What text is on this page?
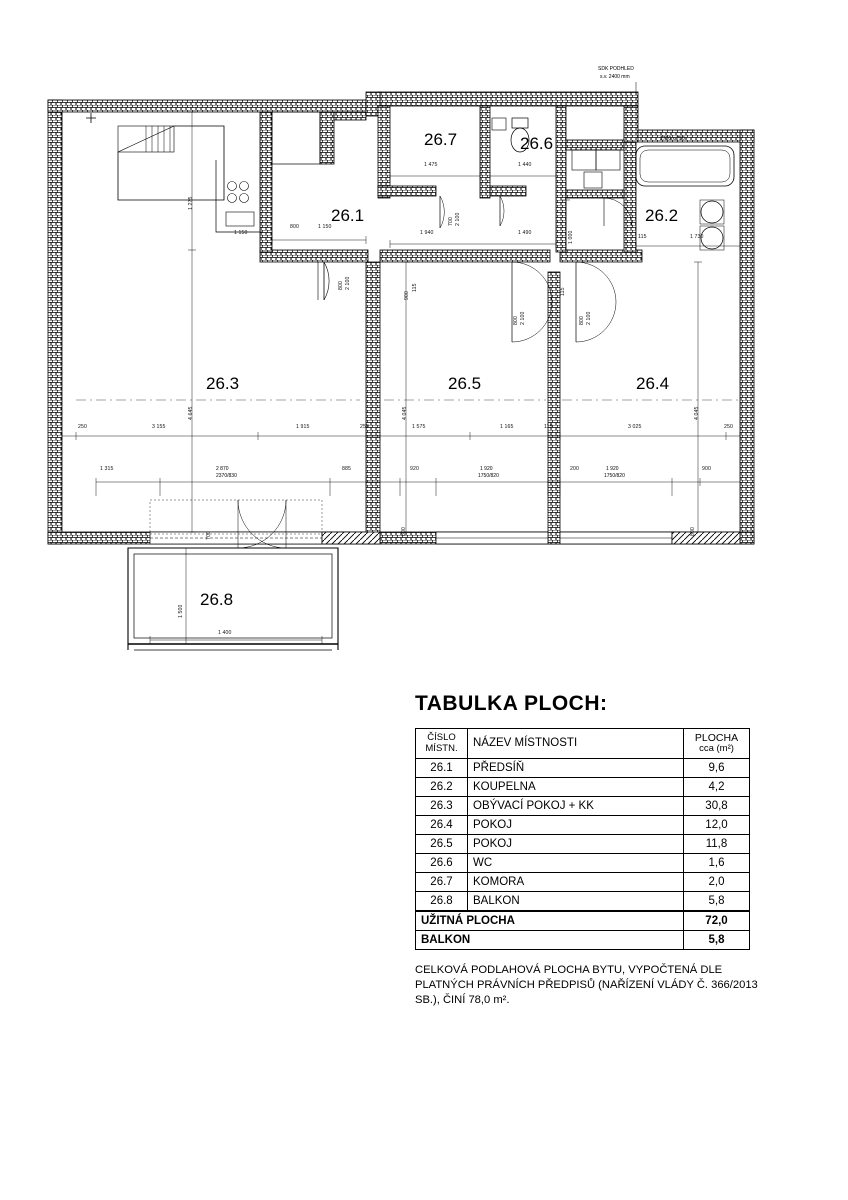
26.7	26.6
26.2
26.1
26.3	26.5	26.4
26.8
SDK PODHLED
s.v. 2400 mm
1700 x 750
2 870
2370/830
1 920
1750/820
1 920
1750/820
1 150
1 940
1 475	1 440
1 490
1 730
115
800
250	3 155	1 915	250	1 575	1 165	115	3 025	250
1 315	885	920	200	900
1 400
1 150
1 275
4 645	4 045	4 045
900
115
1 000
115
1 500
700	800	800
2 100
800
2 100
800	2 100
800
2 100
700
TABULKA PLOCH:
ČÍSLO
MÍSTN.	NÁZEV MÍSTNOSTI	PLOCHA
cca (m²)

26.1	PŘEDSÍŇ	9,6
26.2	KOUPELNA	4,2
26.3	OBÝVACÍ POKOJ + KK	30,8
26.4	POKOJ	12,0
26.5	POKOJ	11,8
26.6	WC	1,6
26.7	KOMORA	2,0
26.8	BALKON	5,8
UŽITNÁ PLOCHA		72,0
BALKON		5,8
CELKOVÁ PODLAHOVÁ PLOCHA BYTU, VYPOČTENÁ DLE PLATNÝCH PRÁVNÍCH PŘEDPISŮ (NAŘÍZENÍ VLÁDY Č. 366/2013 SB.), ČINÍ 78,0 m².
